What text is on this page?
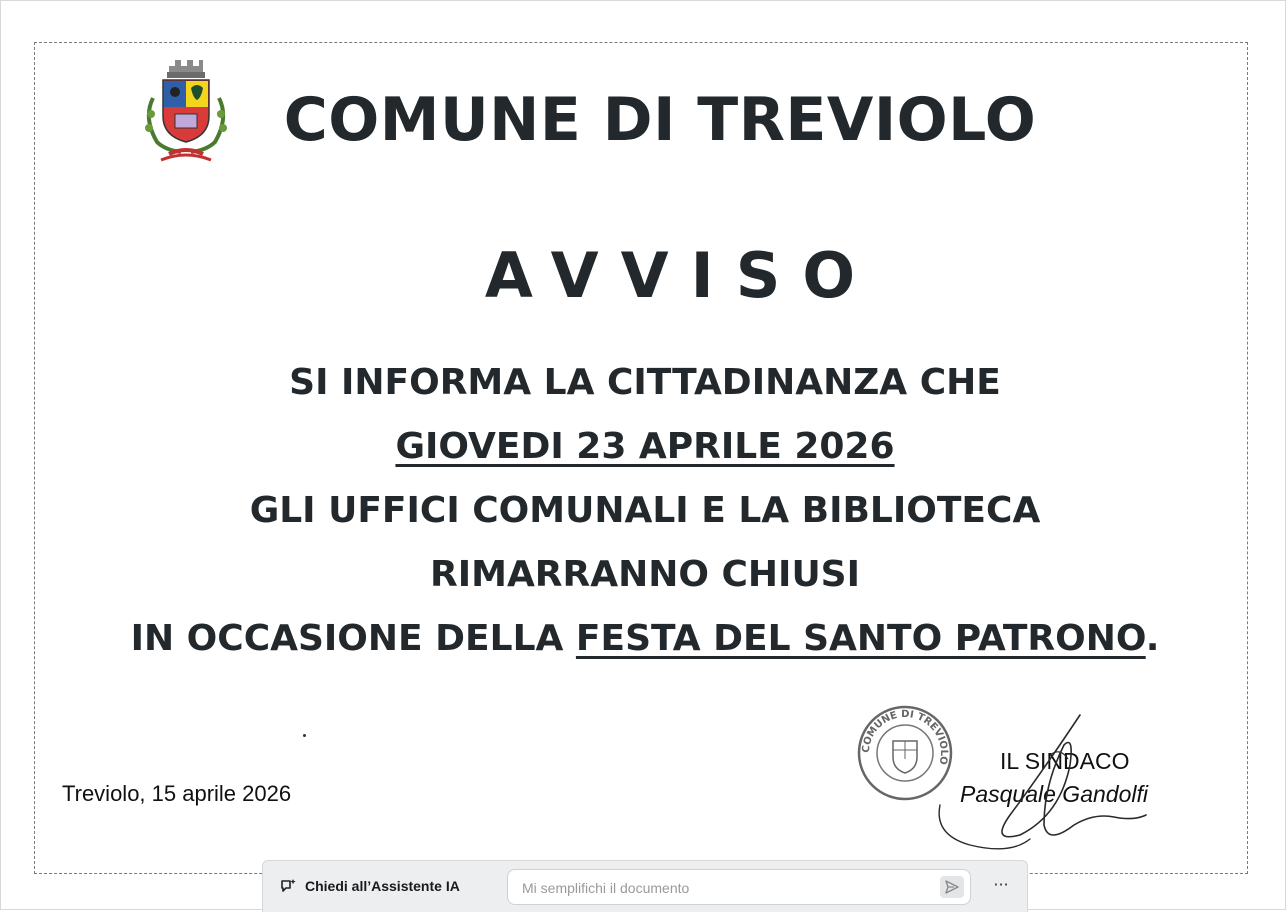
COMUNE DI TREVIOLO
AVVISO
SI INFORMA LA CITTADINANZA CHE
GIOVEDI 23 APRILE 2026
GLI UFFICI COMUNALI E LA BIBLIOTECA
RIMARRANNO CHIUSI
IN OCCASIONE DELLA FESTA DEL SANTO PATRONO.
Treviolo, 15 aprile 2026
COMUNE DI TREVIOLO IL SINDACO
Pasquale Gandolfi
Chiedi all’Assistente IA
Mi semplifichi il documento	···
